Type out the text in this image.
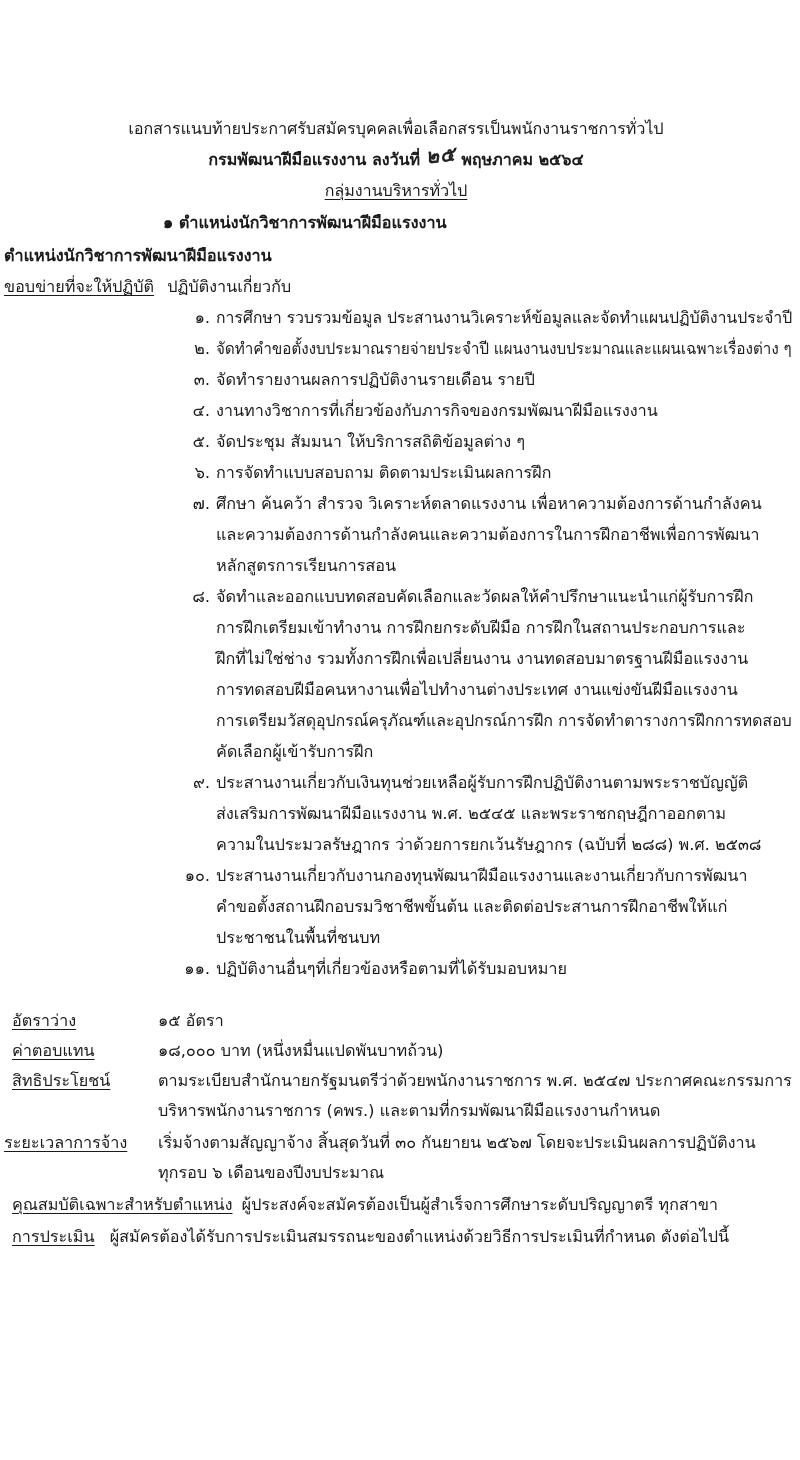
เอกสารแนบท้ายประกาศรับสมัครบุคคลเพื่อเลือกสรรเป็นพนักงานราชการทั่วไป
กรมพัฒนาฝีมือแรงงาน ลงวันที่ ๒๕ พฤษภาคม ๒๕๖๔
กลุ่มงานบริหารทั่วไป
๑ ตำแหน่งนักวิชาการพัฒนาฝีมือแรงงาน
ตำแหน่งนักวิชาการพัฒนาฝีมือแรงงาน
ขอบข่ายที่จะให้ปฏิบัติ ปฏิบัติงานเกี่ยวกับ
๑. การศึกษา รวบรวมข้อมูล ประสานงานวิเคราะห์ข้อมูลและจัดทำแผนปฏิบัติงานประจำปี
๒. จัดทำคำขอตั้งงบประมาณรายจ่ายประจำปี แผนงานงบประมาณและแผนเฉพาะเรื่องต่าง ๆ
๓. จัดทำรายงานผลการปฏิบัติงานรายเดือน รายปี
๔. งานทางวิชาการที่เกี่ยวข้องกับภารกิจของกรมพัฒนาฝีมือแรงงาน
๕. จัดประชุม สัมมนา ให้บริการสถิติข้อมูลต่าง ๆ
๖. การจัดทำแบบสอบถาม ติดตามประเมินผลการฝึก
๗. ศึกษา ค้นคว้า สำรวจ วิเคราะห์ตลาดแรงงาน เพื่อหาความต้องการด้านกำลังคน
และความต้องการด้านกำลังคนและความต้องการในการฝึกอาชีพเพื่อการพัฒนา
หลักสูตรการเรียนการสอน
๘. จัดทำและออกแบบทดสอบคัดเลือกและวัดผลให้คำปรึกษาแนะนำแก่ผู้รับการฝึก
การฝึกเตรียมเข้าทำงาน การฝึกยกระดับฝีมือ การฝึกในสถานประกอบการและ
ฝึกที่ไม่ใช่ช่าง รวมทั้งการฝึกเพื่อเปลี่ยนงาน งานทดสอบมาตรฐานฝีมือแรงงาน
การทดสอบฝีมือคนหางานเพื่อไปทำงานต่างประเทศ งานแข่งขันฝีมือแรงงาน
การเตรียมวัสดุอุปกรณ์ครุภัณฑ์และอุปกรณ์การฝึก การจัดทำตารางการฝึกการทดสอบ
คัดเลือกผู้เข้ารับการฝึก
๙. ประสานงานเกี่ยวกับเงินทุนช่วยเหลือผู้รับการฝึกปฏิบัติงานตามพระราชบัญญัติ
ส่งเสริมการพัฒนาฝีมือแรงงาน พ.ศ. ๒๕๔๕ และพระราชกฤษฎีกาออกตาม
ความในประมวลรัษฎากร ว่าด้วยการยกเว้นรัษฎากร (ฉบับที่ ๒๘๘) พ.ศ. ๒๕๓๘
๑๐. ประสานงานเกี่ยวกับงานกองทุนพัฒนาฝีมือแรงงานและงานเกี่ยวกับการพัฒนา
คำขอตั้งสถานฝึกอบรมวิชาชีพขั้นต้น และติดต่อประสานการฝึกอาชีพให้แก่
ประชาชนในพื้นที่ชนบท
๑๑. ปฏิบัติงานอื่นๆที่เกี่ยวข้องหรือตามที่ได้รับมอบหมาย
อัตราว่าง	๑๕ อัตรา
ค่าตอบแทน	๑๘,๐๐๐ บาท (หนึ่งหมื่นแปดพันบาทถ้วน)
สิทธิประโยชน์	ตามระเบียบสำนักนายกรัฐมนตรีว่าด้วยพนักงานราชการ พ.ศ. ๒๕๔๗ ประกาศคณะกรรมการ
บริหารพนักงานราชการ (คพร.) และตามที่กรมพัฒนาฝีมือแรงงานกำหนด
ระยะเวลาการจ้าง เริ่มจ้างตามสัญญาจ้าง สิ้นสุดวันที่ ๓๐ กันยายน ๒๕๖๗ โดยจะประเมินผลการปฏิบัติงาน
ทุกรอบ ๖ เดือนของปีงบประมาณ
คุณสมบัติเฉพาะสำหรับตำแหน่ง ผู้ประสงค์จะสมัครต้องเป็นผู้สำเร็จการศึกษาระดับปริญญาตรี ทุกสาขา
การประเมิน ผู้สมัครต้องได้รับการประเมินสมรรถนะของตำแหน่งด้วยวิธีการประเมินที่กำหนด ดังต่อไปนี้
